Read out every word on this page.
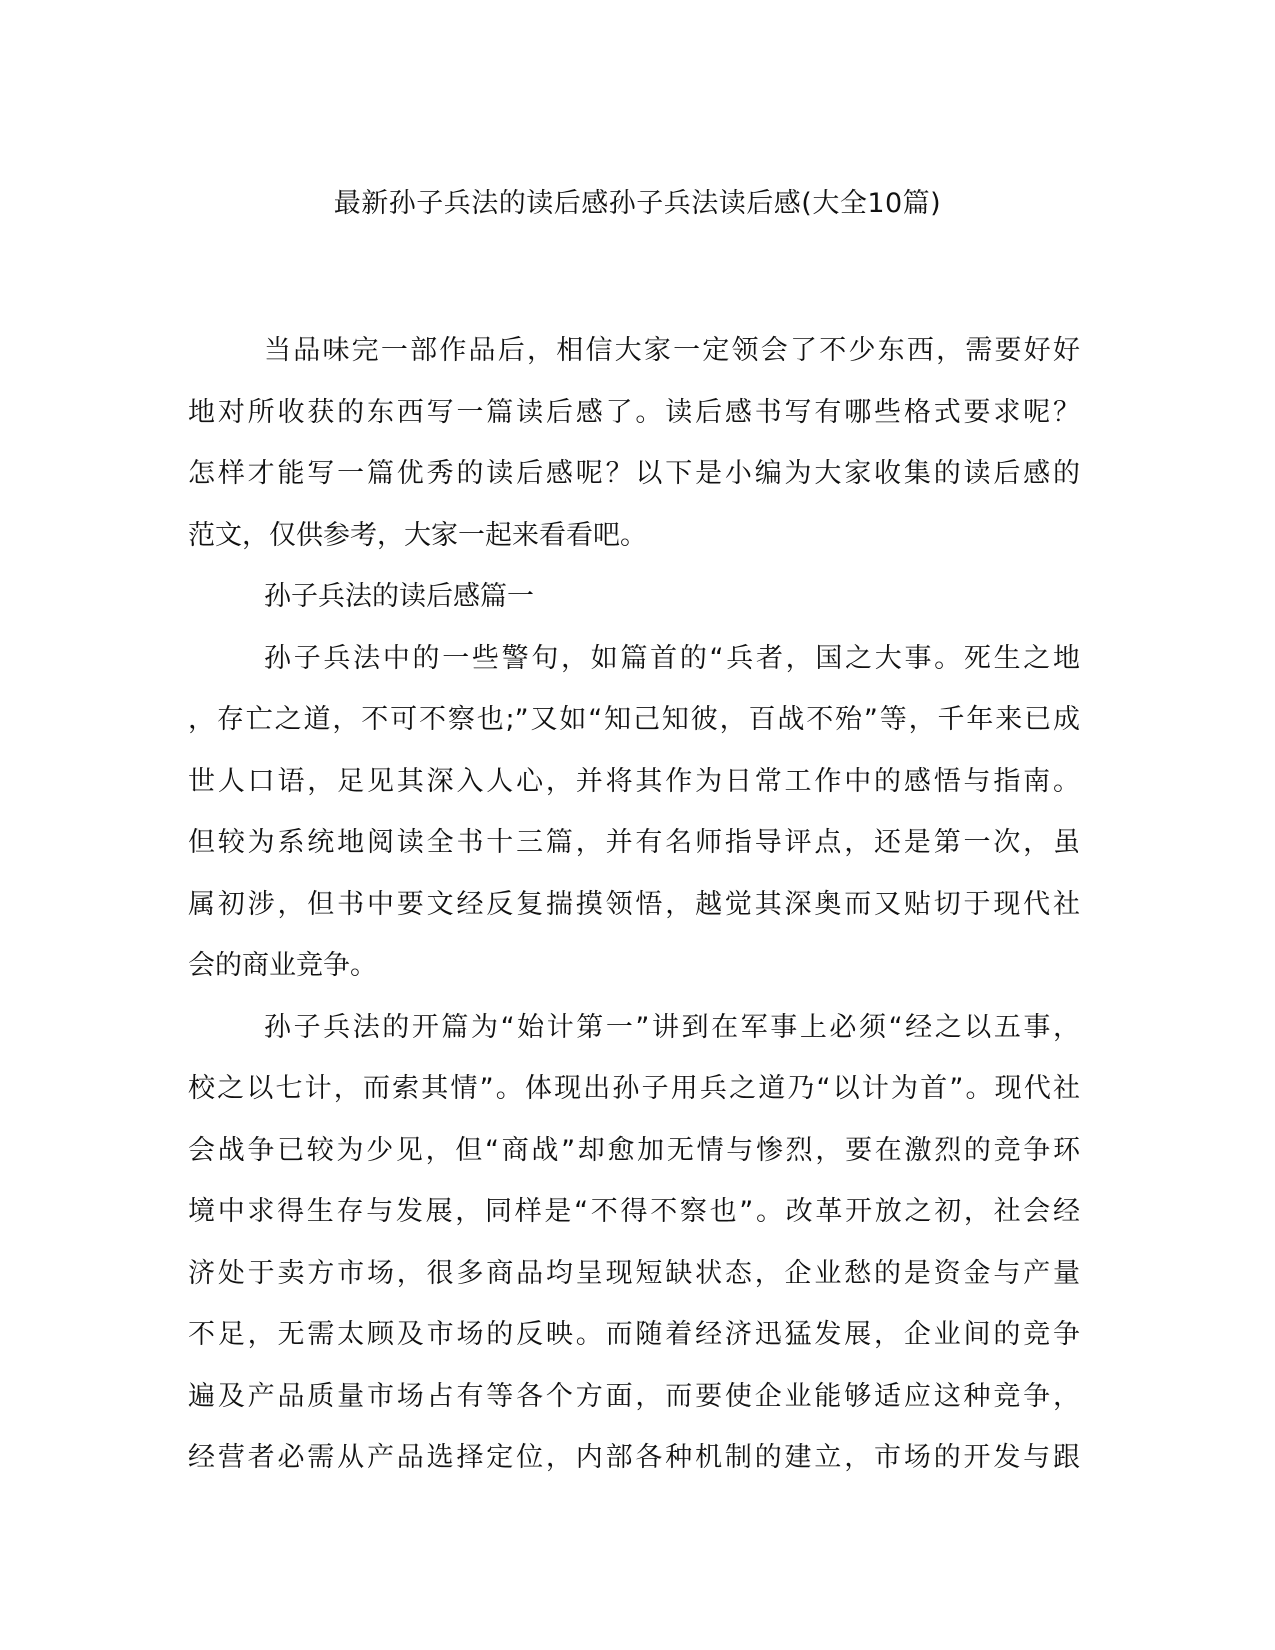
最新孙子兵法的读后感孙子兵法读后感(大全10篇)
当品味完一部作品后，相信大家一定领会了不少东西，需要好好
地对所收获的东西写一篇读后感了。读后感书写有哪些格式要求呢？
怎样才能写一篇优秀的读后感呢？以下是小编为大家收集的读后感的
范文，仅供参考，大家一起来看看吧。
孙子兵法的读后感篇一
孙子兵法中的一些警句，如篇首的“兵者，国之大事。死生之地
，存亡之道，不可不察也;”又如“知己知彼，百战不殆”等，千年来已成
世人口语，足见其深入人心，并将其作为日常工作中的感悟与指南。
但较为系统地阅读全书十三篇，并有名师指导评点，还是第一次，虽
属初涉，但书中要文经反复揣摸领悟，越觉其深奥而又贴切于现代社
会的商业竞争。
孙子兵法的开篇为“始计第一”讲到在军事上必须“经之以五事，
校之以七计，而索其情”。体现出孙子用兵之道乃“以计为首”。现代社
会战争已较为少见，但“商战”却愈加无情与惨烈，要在激烈的竞争环
境中求得生存与发展，同样是“不得不察也”。改革开放之初，社会经
济处于卖方市场，很多商品均呈现短缺状态，企业愁的是资金与产量
不足，无需太顾及市场的反映。而随着经济迅猛发展，企业间的竞争
遍及产品质量市场占有等各个方面，而要使企业能够适应这种竞争，
经营者必需从产品选择定位，内部各种机制的建立，市场的开发与跟
